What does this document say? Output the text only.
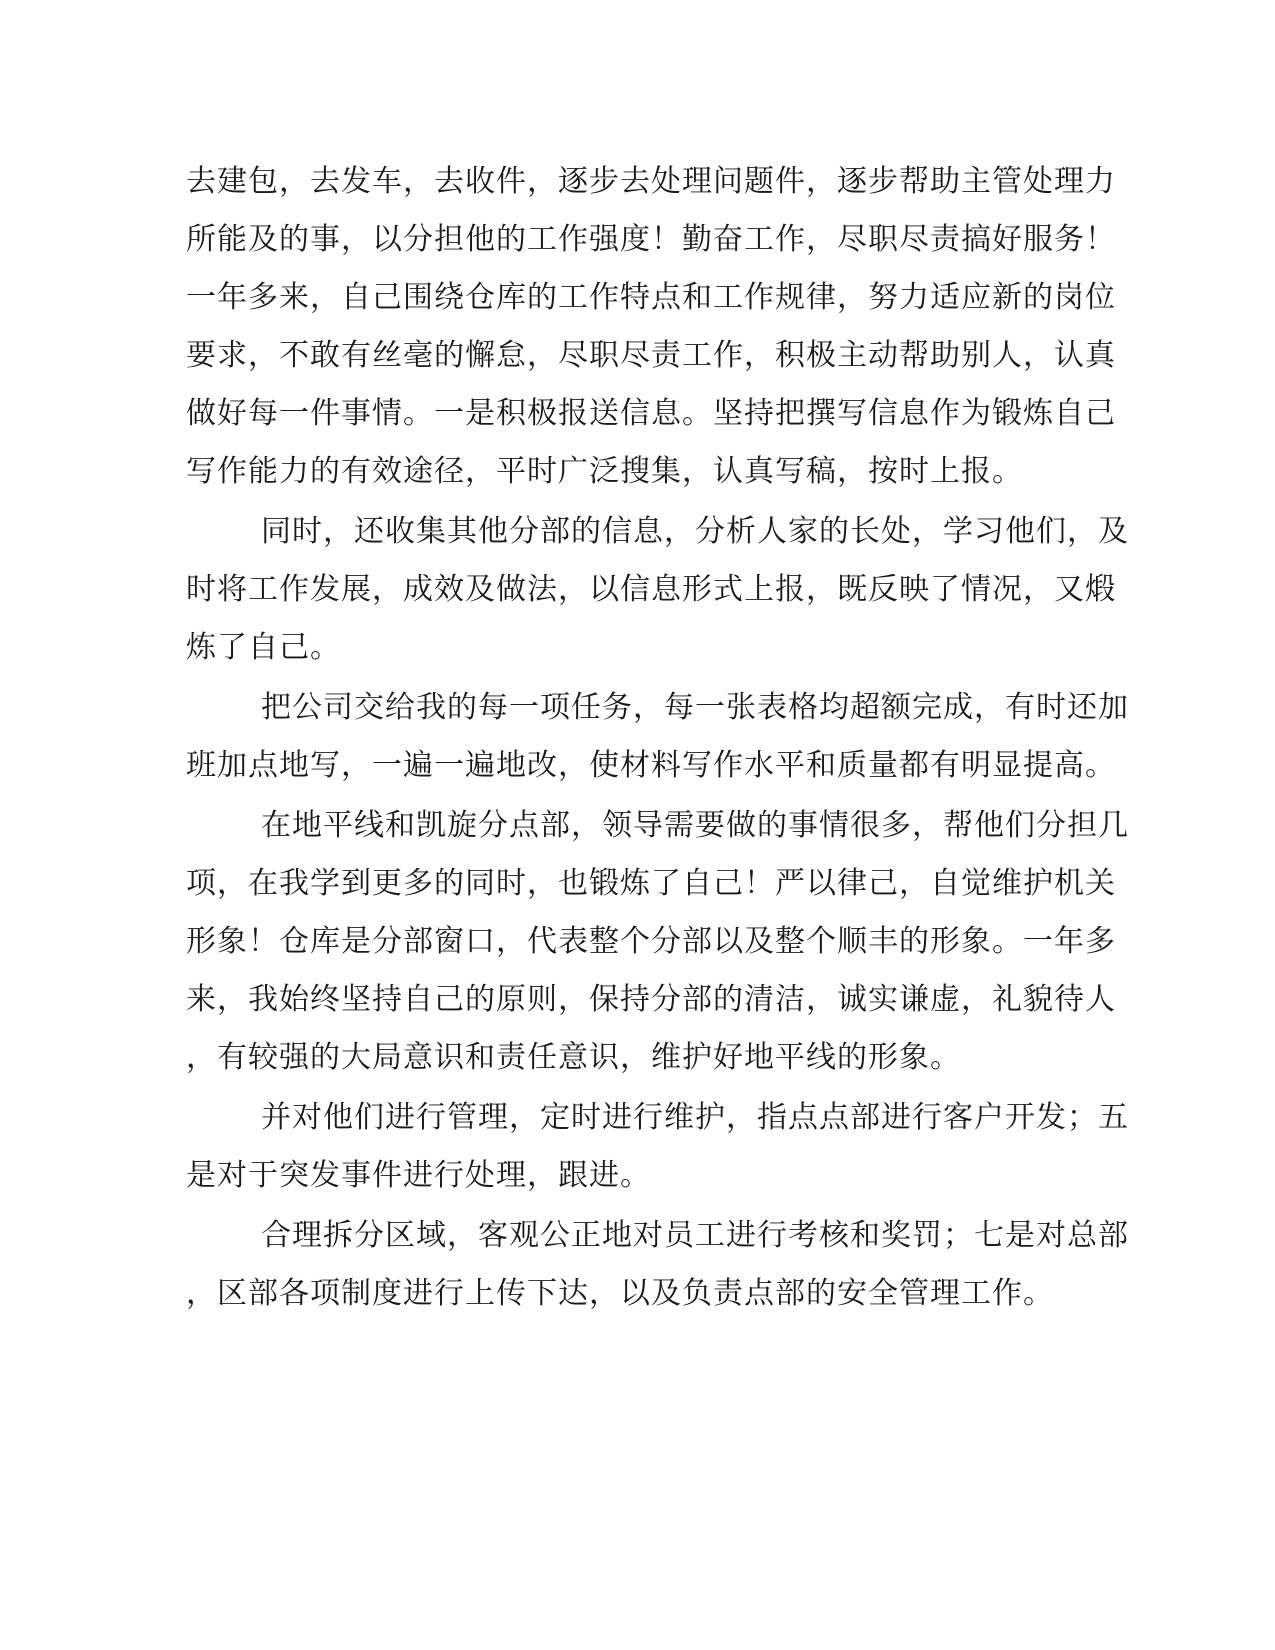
去建包，去发车，去收件，逐步去处理问题件，逐步帮助主管处理力
所能及的事，以分担他的工作强度！勤奋工作，尽职尽责搞好服务！
一年多来，自己围绕仓库的工作特点和工作规律，努力适应新的岗位
要求，不敢有丝毫的懈怠，尽职尽责工作，积极主动帮助别人，认真
做好每一件事情。一是积极报送信息。坚持把撰写信息作为锻炼自己
写作能力的有效途径，平时广泛搜集，认真写稿，按时上报。
同时，还收集其他分部的信息，分析人家的长处，学习他们，及
时将工作发展，成效及做法，以信息形式上报，既反映了情况，又煅
炼了自己。
把公司交给我的每一项任务，每一张表格均超额完成，有时还加
班加点地写，一遍一遍地改，使材料写作水平和质量都有明显提高。
在地平线和凯旋分点部，领导需要做的事情很多，帮他们分担几
项，在我学到更多的同时，也锻炼了自己！严以律己，自觉维护机关
形象！仓库是分部窗口，代表整个分部以及整个顺丰的形象。一年多
来，我始终坚持自己的原则，保持分部的清洁，诚实谦虚，礼貌待人
，有较强的大局意识和责任意识，维护好地平线的形象。
并对他们进行管理，定时进行维护，指点点部进行客户开发；五
是对于突发事件进行处理，跟进。
合理拆分区域，客观公正地对员工进行考核和奖罚；七是对总部
，区部各项制度进行上传下达，以及负责点部的安全管理工作。
